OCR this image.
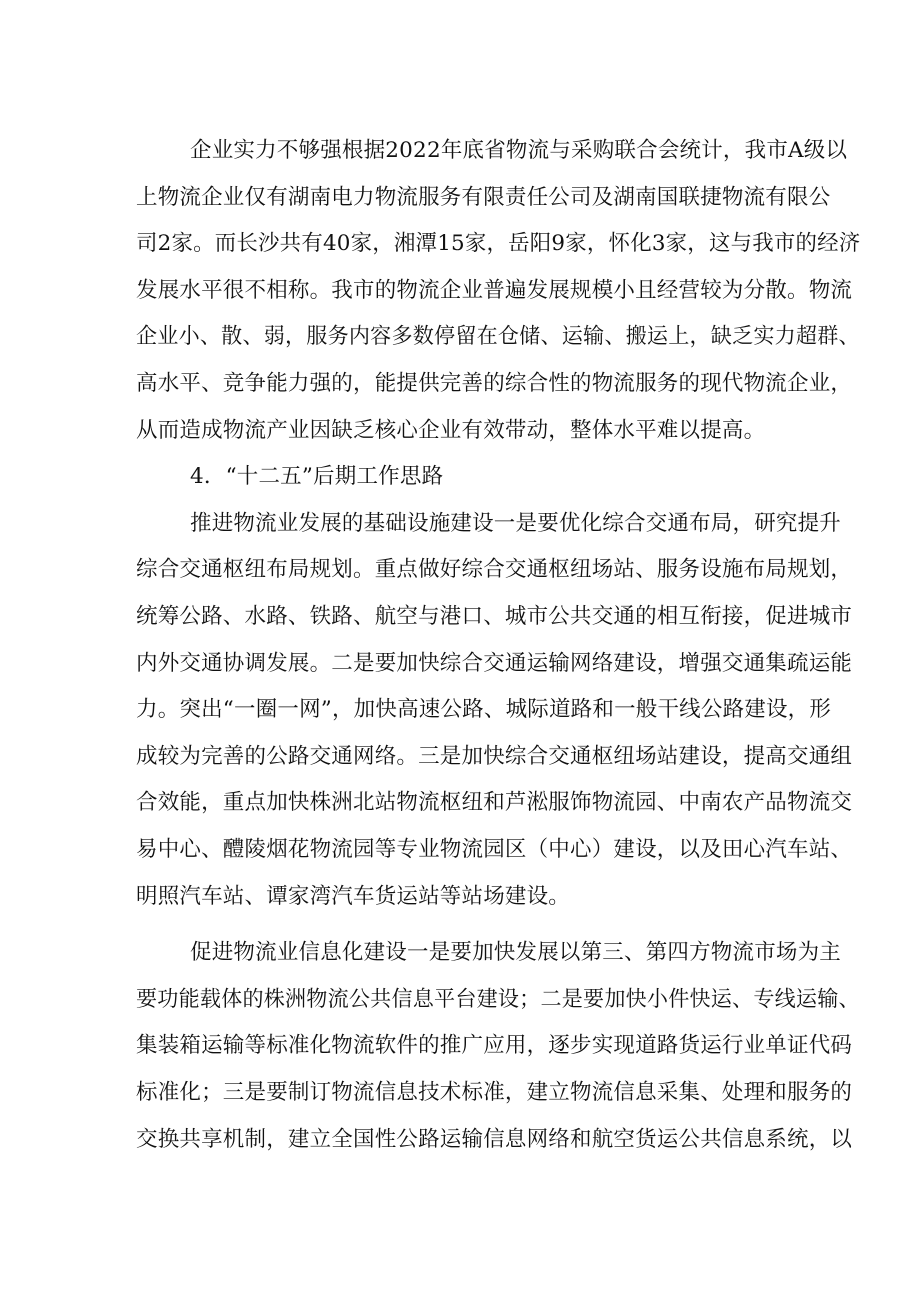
企业实力不够强根据2022年底省物流与采购联合会统计，我市A级以
上物流企业仅有湖南电力物流服务有限责任公司及湖南国联捷物流有限公
司2家。而长沙共有40家，湘潭15家，岳阳9家，怀化3家，这与我市的经济
发展水平很不相称。我市的物流企业普遍发展规模小且经营较为分散。物流
企业小、散、弱，服务内容多数停留在仓储、运输、搬运上，缺乏实力超群、
高水平、竞争能力强的，能提供完善的综合性的物流服务的现代物流企业，
从而造成物流产业因缺乏核心企业有效带动，整体水平难以提高。
4．“十二五”后期工作思路
推进物流业发展的基础设施建设一是要优化综合交通布局，研究提升
综合交通枢纽布局规划。重点做好综合交通枢纽场站、服务设施布局规划，
统筹公路、水路、铁路、航空与港口、城市公共交通的相互衔接，促进城市
内外交通协调发展。二是要加快综合交通运输网络建设，增强交通集疏运能
力。突出“一圈一网”，加快高速公路、城际道路和一般干线公路建设，形
成较为完善的公路交通网络。三是加快综合交通枢纽场站建设，提高交通组
合效能，重点加快株洲北站物流枢纽和芦淞服饰物流园、中南农产品物流交
易中心、醴陵烟花物流园等专业物流园区（中心）建设，以及田心汽车站、
明照汽车站、谭家湾汽车货运站等站场建设。
促进物流业信息化建设一是要加快发展以第三、第四方物流市场为主
要功能载体的株洲物流公共信息平台建设；二是要加快小件快运、专线运输、
集装箱运输等标准化物流软件的推广应用，逐步实现道路货运行业单证代码
标准化；三是要制订物流信息技术标准，建立物流信息采集、处理和服务的
交换共享机制，建立全国性公路运输信息网络和航空货运公共信息系统，以
